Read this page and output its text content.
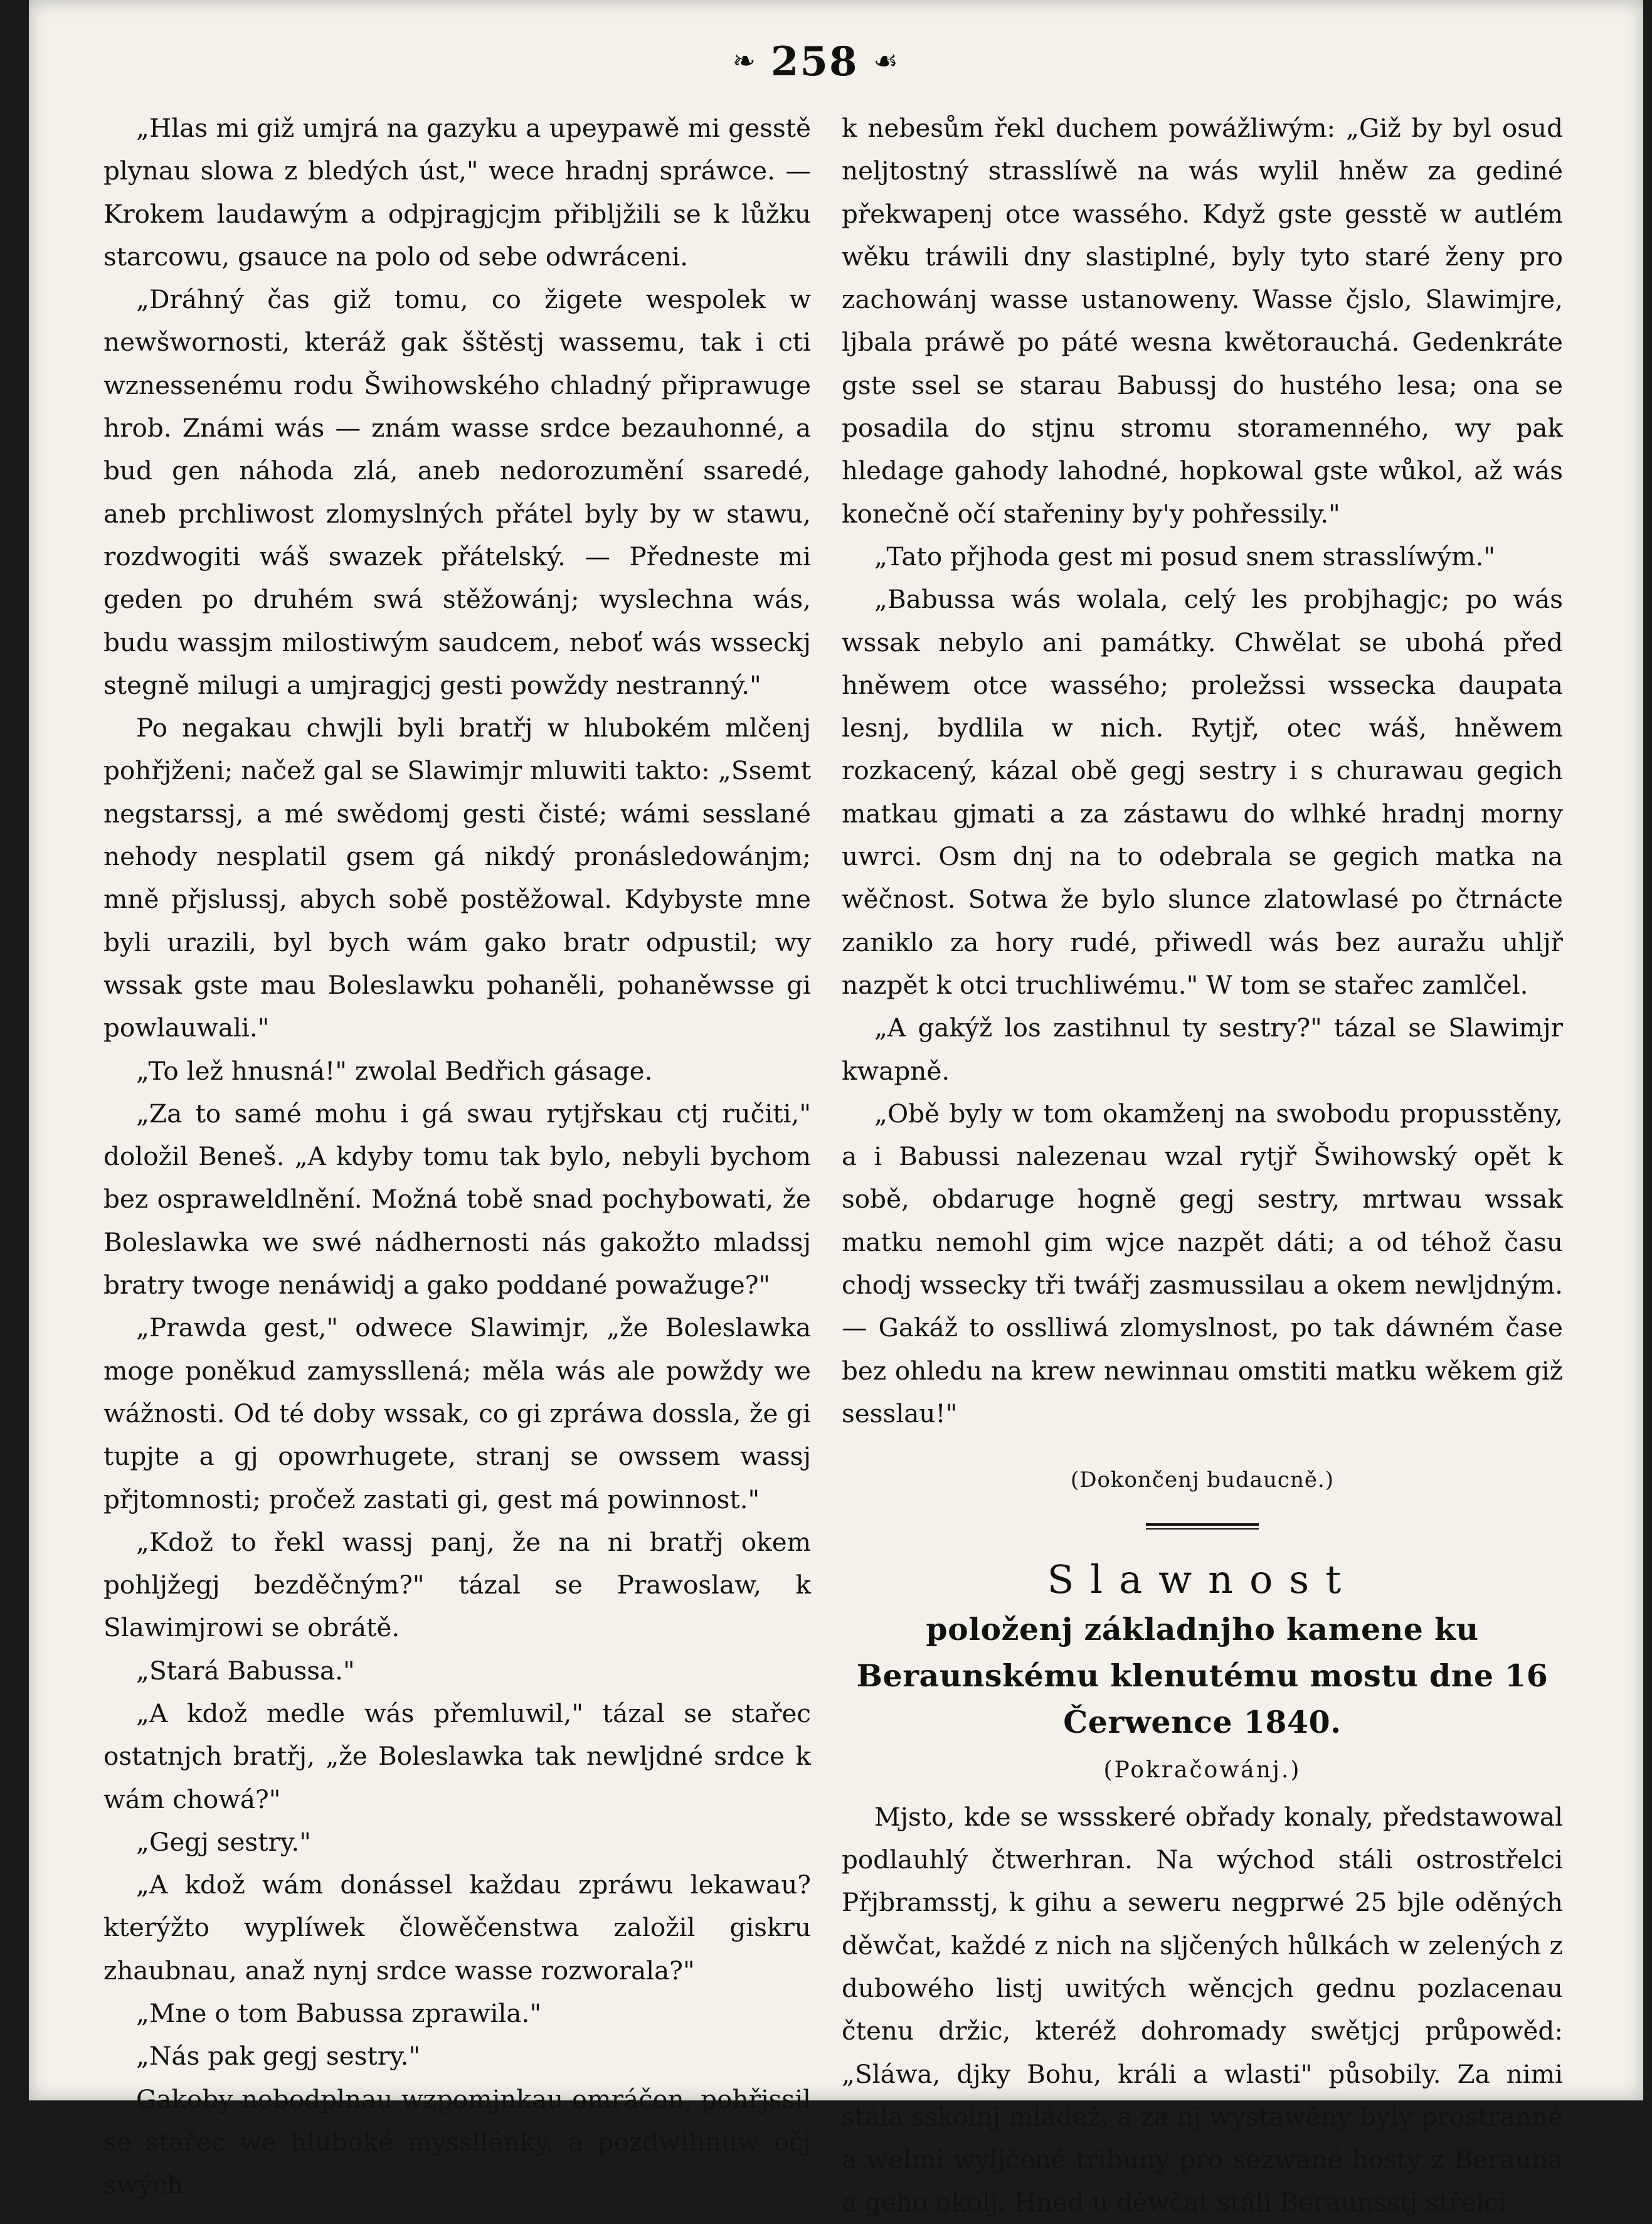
❧ 258 ☙

„Hlas mi giž umjrá na gazyku a upeypawě mi gesstě plynau slowa z bledých úst," wece hradnj spráwce. — Krokem laudawým a odpjragjcjm přibljžili se k lůžku starcowu, gsauce na polo od sebe odwráceni.

„Dráhný čas giž tomu, co žigete wespolek w newšwornosti, kteráž gak šštěstj wassemu, tak i cti wznessenému rodu Šwihowského chladný připrawuge hrob. Známi wás — znám wasse srdce bezauhonné, a bud gen náhoda zlá, aneb nedorozumění ssaredé, aneb prchliwost zlomyslných přátel byly by w stawu, rozdwogiti wáš swazek přátelský. — Předneste mi geden po druhém swá stěžowánj; wyslechna wás, budu wassjm milostiwým saudcem, neboť wás wsseckj stegně milugi a umjragjcj gesti powždy nestranný."

Po negakau chwjli byli bratřj w hlubokém mlčenj pohřjženi; načež gal se Slawimjr mluwiti takto: „Ssemt negstarssj, a mé swědomj gesti čisté; wámi sesslané nehody nesplatil gsem gá nikdý pronásledowánjm; mně přjslussj, abych sobě postěžowal. Kdybyste mne byli urazili, byl bych wám gako bratr odpustil; wy wssak gste mau Boleslawku pohaněli, pohaněwsse gi powlauwali."

„To lež hnusná!" zwolal Bedřich gásage.

„Za to samé mohu i gá swau rytjřskau ctj ručiti," doložil Beneš. „A kdyby tomu tak bylo, nebyli bychom bez ospraweldlnění. Možná tobě snad pochybowati, že Boleslawka we swé nádhernosti nás gakožto mladssj bratry twoge nenáwidj a gako poddané powažuge?"

„Prawda gest," odwece Slawimjr, „že Boleslawka moge poněkud zamyssllená; měla wás ale powždy we wážnosti. Od té doby wssak, co gi zpráwa dossla, že gi tupjte a gj opowrhugete, stranj se owssem wassj přjtomnosti; pročež zastati gi, gest má powinnost."

„Kdož to řekl wassj panj, že na ni bratřj okem pohljžegj bezděčným?" tázal se Prawoslaw, k Slawimjrowi se obrátě.

„Stará Babussa."

„A kdož medle wás přemluwil," tázal se stařec ostatnjch bratřj, „že Boleslawka tak newljdné srdce k wám chowá?"

„Gegj sestry."

„A kdož wám donássel každau zpráwu lekawau? kterýžto wyplíwek člowěčenstwa založil giskru zhaubnau, anaž nynj srdce wasse rozworala?"

„Mne o tom Babussa zprawila."

„Nás pak gegj sestry."

Gakoby nebodplnau wzpomjnkau omráčen, pohřjssil se stařec we hluboké myssllénky, a pozdwihnuw očj swých

k nebesům řekl duchem powážliwým: „Giž by byl osud neljtostný strasslíwě na wás wylil hněw za gediné překwapenj otce wassého. Když gste gesstě w autlém wěku tráwili dny slastiplné, byly tyto staré ženy pro zachowánj wasse ustanoweny. Wasse čjslo, Slawimjre, ljbala práwě po páté wesna kwětorauchá. Gedenkráte gste ssel se starau Babussj do hustého lesa; ona se posadila do stjnu stromu storamenného, wy pak hledage gahody lahodné, hopkowal gste wůkol, až wás konečně očí stařeniny by'y pohřessily."

„Tato přjhoda gest mi posud snem strasslíwým."

„Babussa wás wolala, celý les probjhagjc; po wás wssak nebylo ani památky. Chwělat se ubohá před hněwem otce wassého; proležssi wssecka daupata lesnj, bydlila w nich. Rytjř, otec wáš, hněwem rozkacený, kázal obě gegj sestry i s churawau gegich matkau gjmati a za zástawu do wlhké hradnj morny uwrci. Osm dnj na to odebrala se gegich matka na wěčnost. Sotwa že bylo slunce zlatowlasé po čtrnácte zaniklo za hory rudé, přiwedl wás bez auražu uhljř nazpět k otci truchliwému." W tom se stařec zamlčel.

„A gakýž los zastihnul ty sestry?" tázal se Slawimjr kwapně.

„Obě byly w tom okamženj na swobodu propusstěny, a i Babussi nalezenau wzal rytjř Šwihowský opět k sobě, obdaruge hogně gegj sestry, mrtwau wssak matku nemohl gim wjce nazpět dáti; a od téhož času chodj wssecky tři twářj zasmussilau a okem newljdným. — Gakáž to osslliwá zlomyslnost, po tak dáwném čase bez ohledu na krew newinnau omstiti matku wěkem giž sesslau!"

(Dokončenj budaucně.)
Slawnost
položenj základnjho kamene ku Beraunskému klenutému mostu dne 16 Čerwence 1840.
(Pokračowánj.)

Mjsto, kde se wssskeré obřady konaly, předstawowal podlauhlý čtwerhran. Na wýchod stáli ostrostřelci Přjbramsstj, k gihu a seweru negprwé 25 bjle oděných děwčat, každé z nich na sljčených hůlkách w zelených z dubowého listj uwitých wěncjch gednu pozlacenau čtenu držic, kteréž dohromady swětjcj průpowěd: „Sláwa, djky Bohu, králi a wlasti" působily. Za nimi stála sskolnj mládež, a za nj wystawěny byly prostranné a welmi wyljčené tribuny pro sezwané hosty z Berauna a geho okolj. Hned u děwčat stáli Beraunsstj střelci
